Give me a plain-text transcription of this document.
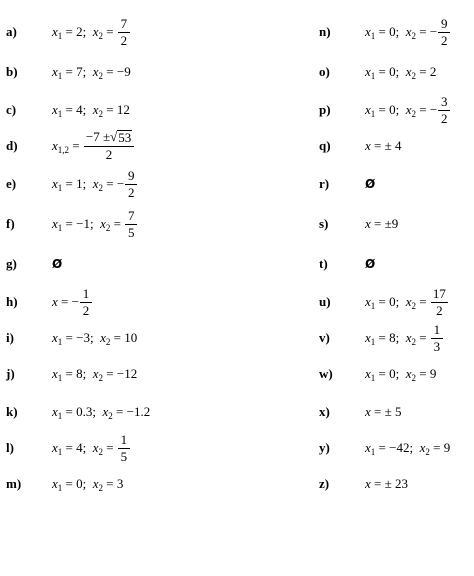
a)	$x_1 = 2$ ; $x_2 = \frac{7}{2}$
b)	$x_1 = 7$ ; $x_2 = -9$
c)	$x_1 = 4$ ; $x_2 = 12$
d)	$x_{1,2} = \frac{-7 \pm √ 53}{2}$
e)	$x_1 = 1$ ; $x_2$ = − $\frac{9}{2}$
f)	$x_1 = -1$ ; $x_2 = \frac{7}{5}$
g)	Ø
h)	x = − $\frac{1}{2}$
i)	$x_1 = -3$ ; $x_2 = 10$
j)	$x_1 = 8$ ; $x_2 = -12$
k)	$x_1 = 0.3$ ; $x_2 = -1.2$
l)	$x_1 = 4$ ; $x_2 = \frac{1}{5}$
m)	$x_1 = 0$ ; $x_2 = 3$
n)	$x_1 = 0$ ; $x_2$ = − $\frac{9}{2}$
o)	$x_1 = 0$ ; $x_2 = 2$
p)	$x_1 = 0$ ; $x_2$ = − $\frac{3}{2}$
q)	x = ± 4
r)	Ø
s)	x = ±9
t)	Ø
u)	$x_1 = 0$ ; $x_2 = \frac{17}{2}$
v)	$x_1 = 8$ ; $x_2 = \frac{1}{3}$
w)	$x_1 = 0$ ; $x_2 = 9$
x)	x = ± 5
y)	$x_1 = -42$ ; $x_2 = 9$
z)	x = ± 23
